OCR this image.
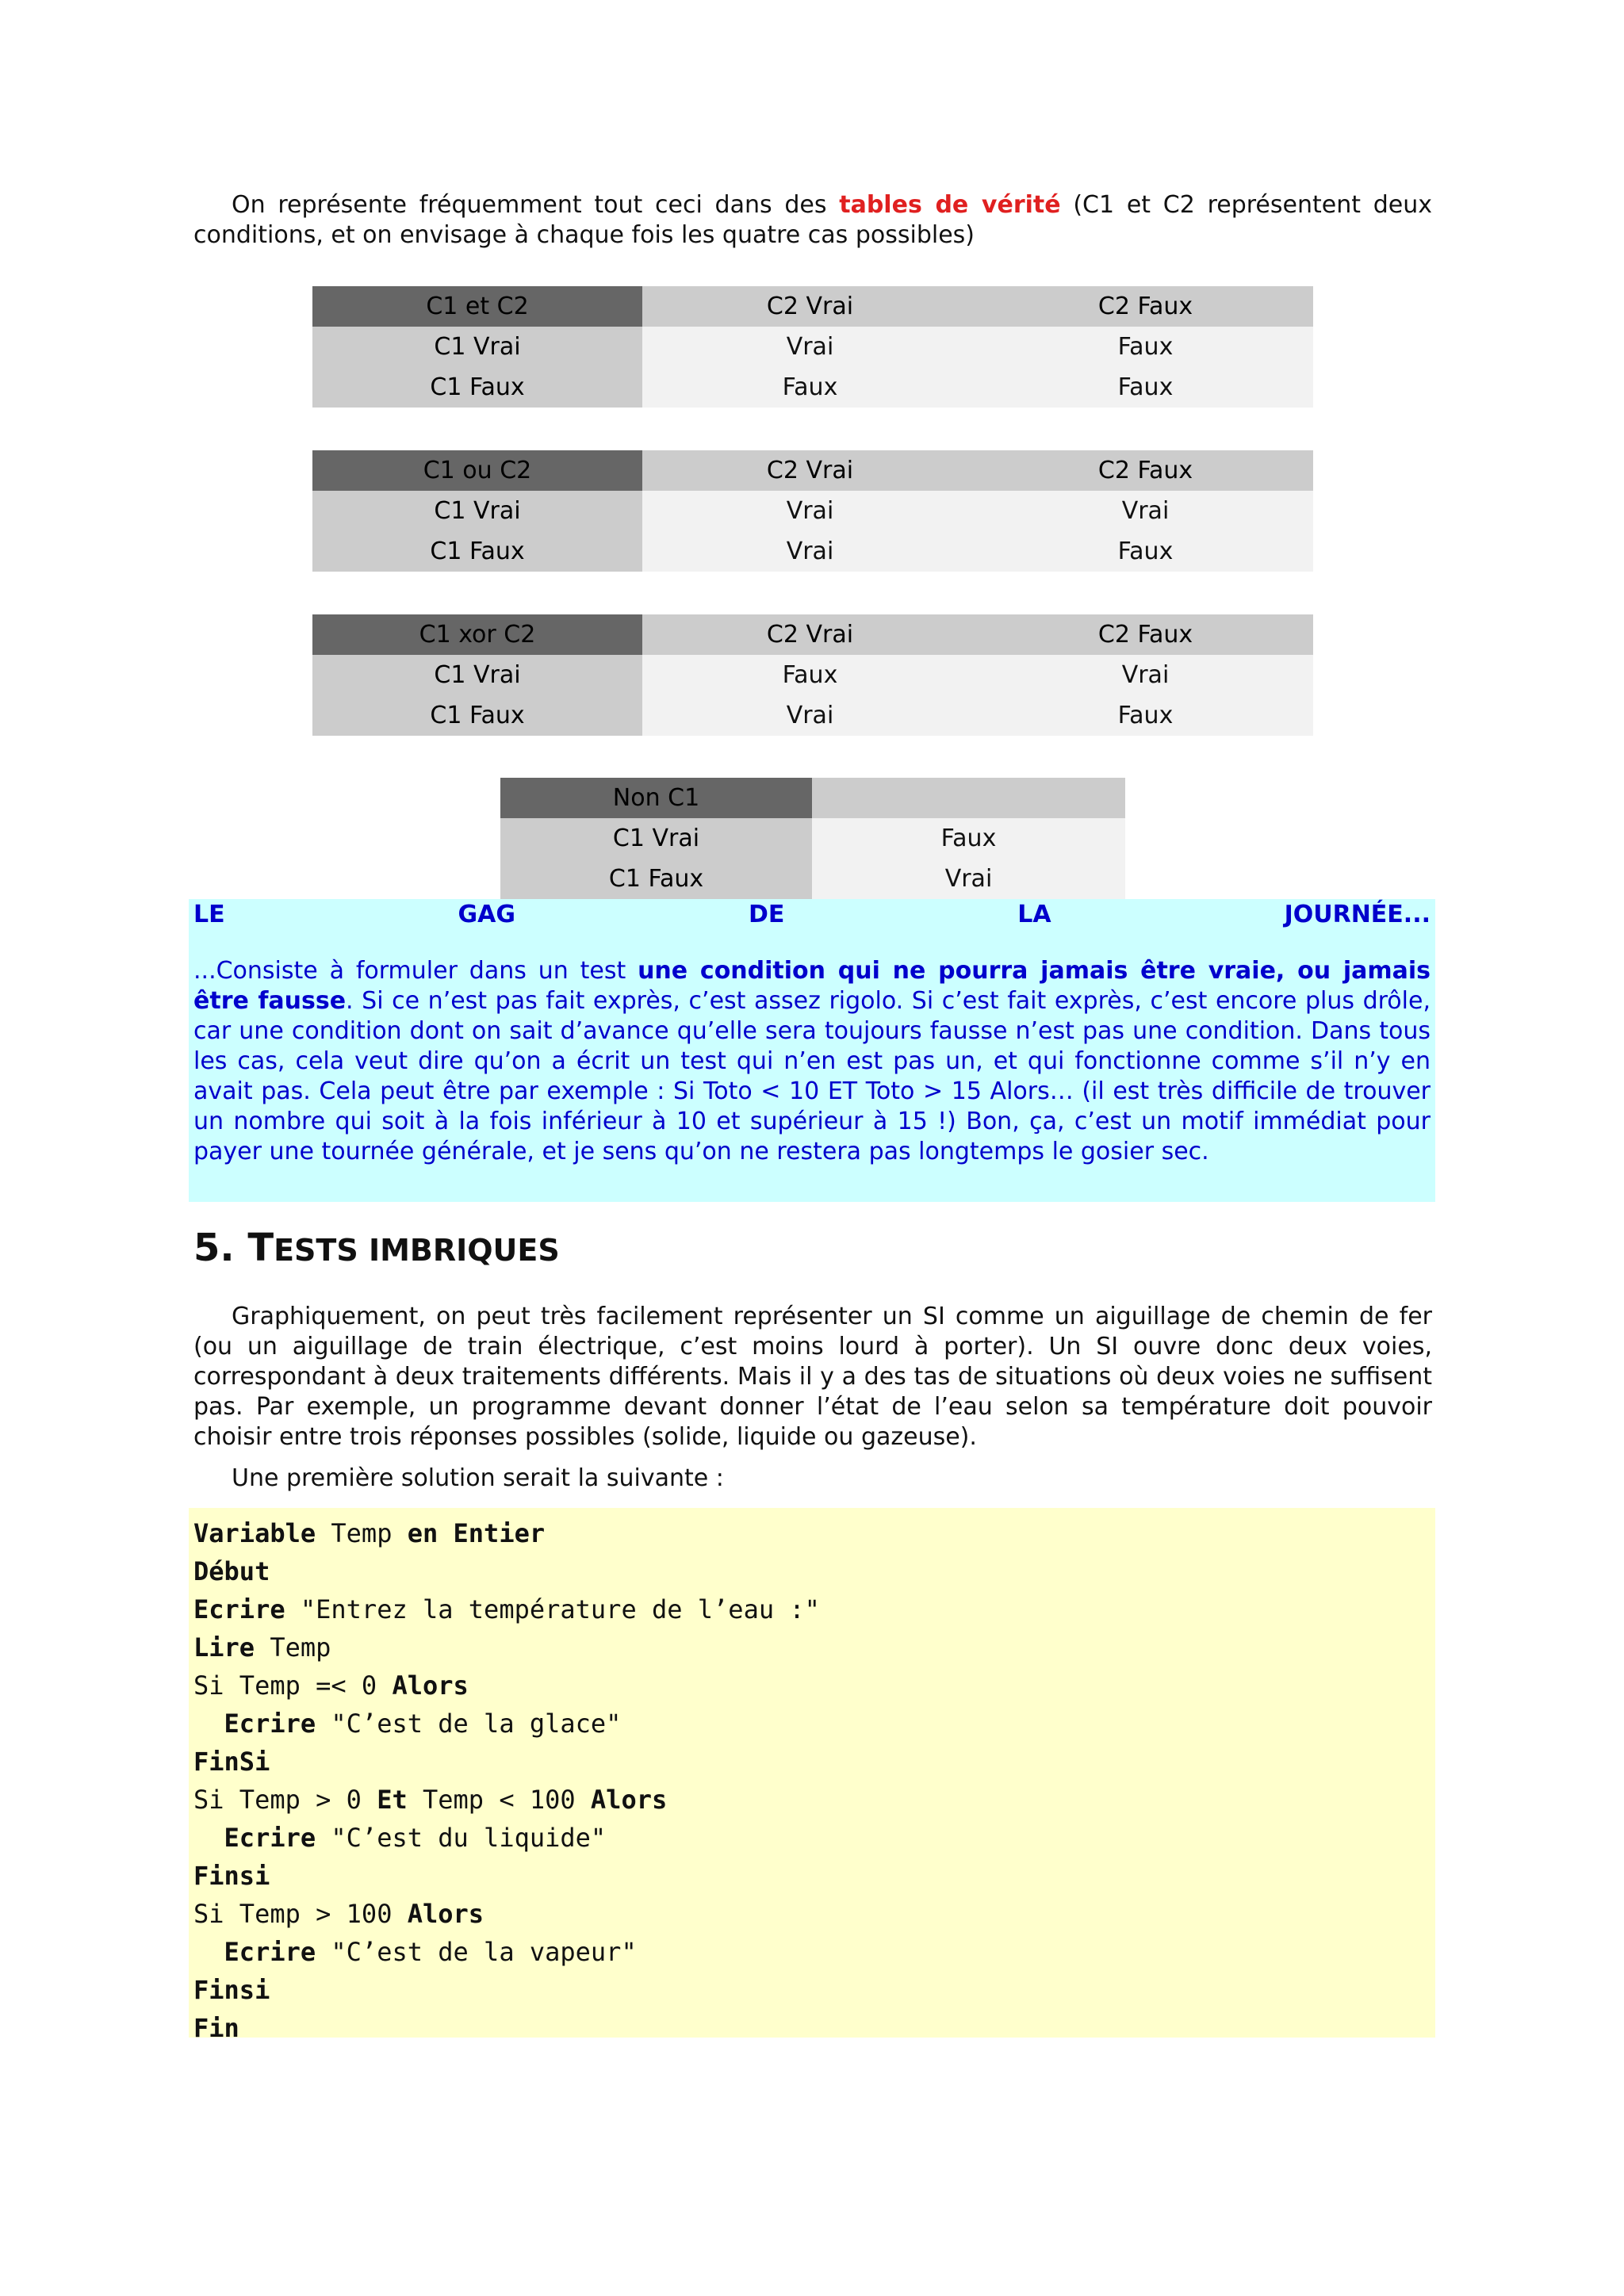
On représente fréquemment tout ceci dans des tables de vérité (C1 et C2 représentent deux conditions, et on envisage à chaque fois les quatre cas possibles)

C1 et C2	C2 Vrai	C2 Faux
C1 Vrai	Vrai	Faux
C1 Faux	Faux	Faux
C1 ou C2	C2 Vrai	C2 Faux
C1 Vrai	Vrai	Vrai
C1 Faux	Vrai	Faux
C1 xor C2	C2 Vrai	C2 Faux
C1 Vrai	Faux	Vrai
C1 Faux	Vrai	Faux
Non C1	
C1 Vrai	Faux
C1 Faux	Vrai
LE	GAG	DE	LA	JOURNÉE...

...Consiste à formuler dans un test une condition qui ne pourra jamais être vraie, ou jamais être fausse. Si ce n’est pas fait exprès, c’est assez rigolo. Si c’est fait exprès, c’est encore plus drôle, car une condition dont on sait d’avance qu’elle sera toujours fausse n’est pas une condition. Dans tous les cas, cela veut dire qu’on a écrit un test qui n’en est pas un, et qui fonctionne comme s’il n’y en avait pas. Cela peut être par exemple : Si Toto < 10 ET Toto > 15 Alors… (il est très difficile de trouver un nombre qui soit à la fois inférieur à 10 et supérieur à 15 !) Bon, ça, c’est un motif immédiat pour payer une tournée générale, et je sens qu’on ne restera pas longtemps le gosier sec.

5. TESTS IMBRIQUES

Graphiquement, on peut très facilement représenter un SI comme un aiguillage de chemin de fer (ou un aiguillage de train électrique, c’est moins lourd à porter). Un SI ouvre donc deux voies, correspondant à deux traitements différents. Mais il y a des tas de situations où deux voies ne suffisent pas. Par exemple, un programme devant donner l’état de l’eau selon sa température doit pouvoir choisir entre trois réponses possibles (solide, liquide ou gazeuse).

Une première solution serait la suivante :

Variable Temp en Entier
Début
Ecrire "Entrez la température de l’eau :"
Lire Temp
Si Temp =< 0 Alors
Ecrire "C’est de la glace"
FinSi
Si Temp > 0 Et Temp < 100 Alors
Ecrire "C’est du liquide"
Finsi
Si Temp > 100 Alors
Ecrire "C’est de la vapeur"
Finsi
Fin
